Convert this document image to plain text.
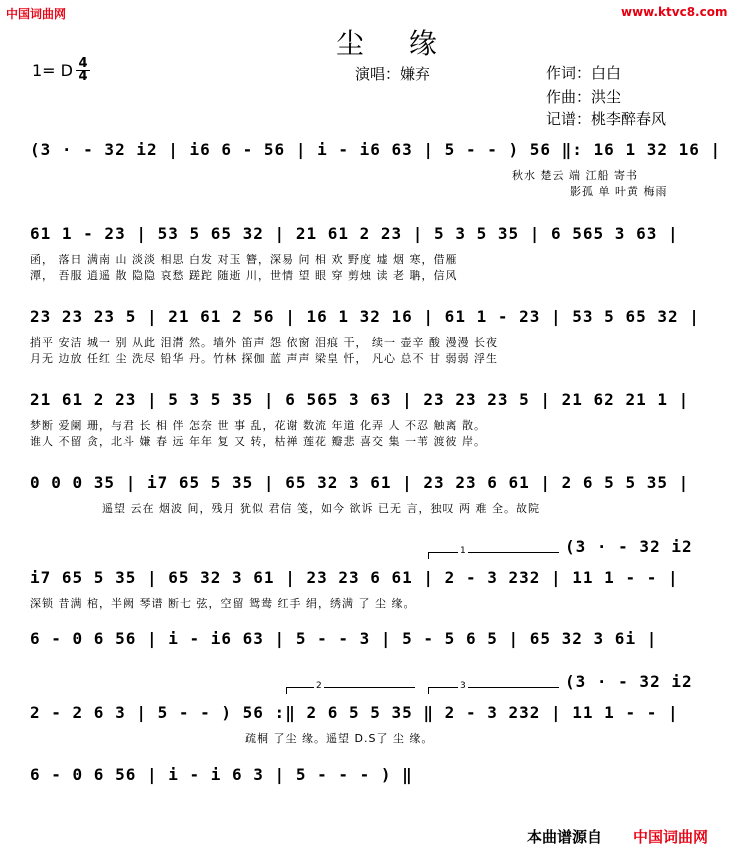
中国词曲网	www.ktvc8.com
尘 缘
1= D 4
4	演唱：嫌弃	作词：白白
作曲：洪尘
记谱：桃李醉春风
(3 · - 32 i2
(3 · - 32 i2
1
2	3
(3 · - 32 i2 | i6 6 - 56 | i - i6 63 | 5 - - ) 56 ‖: 16 1 32 16 |
秋水 楚云 端 江船 寄书
影孤 单 叶黄 梅雨
61 1 - 23 | 53 5 65 32 | 21 61 2 23 | 5 3 5 35 | 6 565 3 63 |
函， 落日 满南 山 淡淡 相思 白发 对玉 簪，深易 问 相 欢 野度 墟 烟 寒，借雁
潭， 吾服 逍遥 散 隐隐 哀愁 蹉跎 随逝 川，世情 望 眼 穿 剪烛 读 老 聃，信风
23 23 23 5 | 21 61 2 56 | 16 1 32 16 | 61 1 - 23 | 53 5 65 32 |
捎平 安洁 城一 别 从此 泪潸 然。墙外 笛声 怨 依窗 泪痕 干， 续一 壶辛 酸 漫漫 长夜
月无 边放 任红 尘 洗尽 铅华 丹。竹林 探伽 蓝 声声 梁皇 忏， 凡心 总不 甘 弱弱 浮生
21 61 2 23 | 5 3 5 35 | 6 565 3 63 | 23 23 23 5 | 21 62 21 1 |
梦断 爱阑 珊，与君 长 相 伴 怎奈 世 事 乱，花谢 数流 年道 化弄 人 不忍 触离 散。
谁人 不留 贪，北斗 嫌 春 远 年年 复 又 转，枯禅 莲花 瓣悲 喜交 集 一苇 渡彼 岸。
0 0 0 35 | i7 65 5 35 | 65 32 3 61 | 23 23 6 61 | 2 6 5 5 35 |
遥望 云在 烟波 间，残月 犹似 君信 笺，如今 欲诉 已无 言，独叹 两 难 全。故院
i7 65 5 35 | 65 32 3 61 | 23 23 6 61 | 2 - 3 232 | 11 1 - - |
深锁 昔满 棺，半阙 琴谱 断七 弦，空留 鸳鸯 红手 绢，绣满 了 尘 缘。
6 - 0 6 56 | i - i6 63 | 5 - - 3 | 5 - 5 6 5 | 65 32 3 6i |
2 - 2 6 3 | 5 - - ) 56 :‖ 2 6 5 5 35 ‖ 2 - 3 232 | 11 1 - - |
疏桐 了尘 缘。遥望 D.S了 尘 缘。
6 - 0 6 56 | i - i 6 3 | 5 - - - ) ‖
本曲谱源自 中国词曲网
